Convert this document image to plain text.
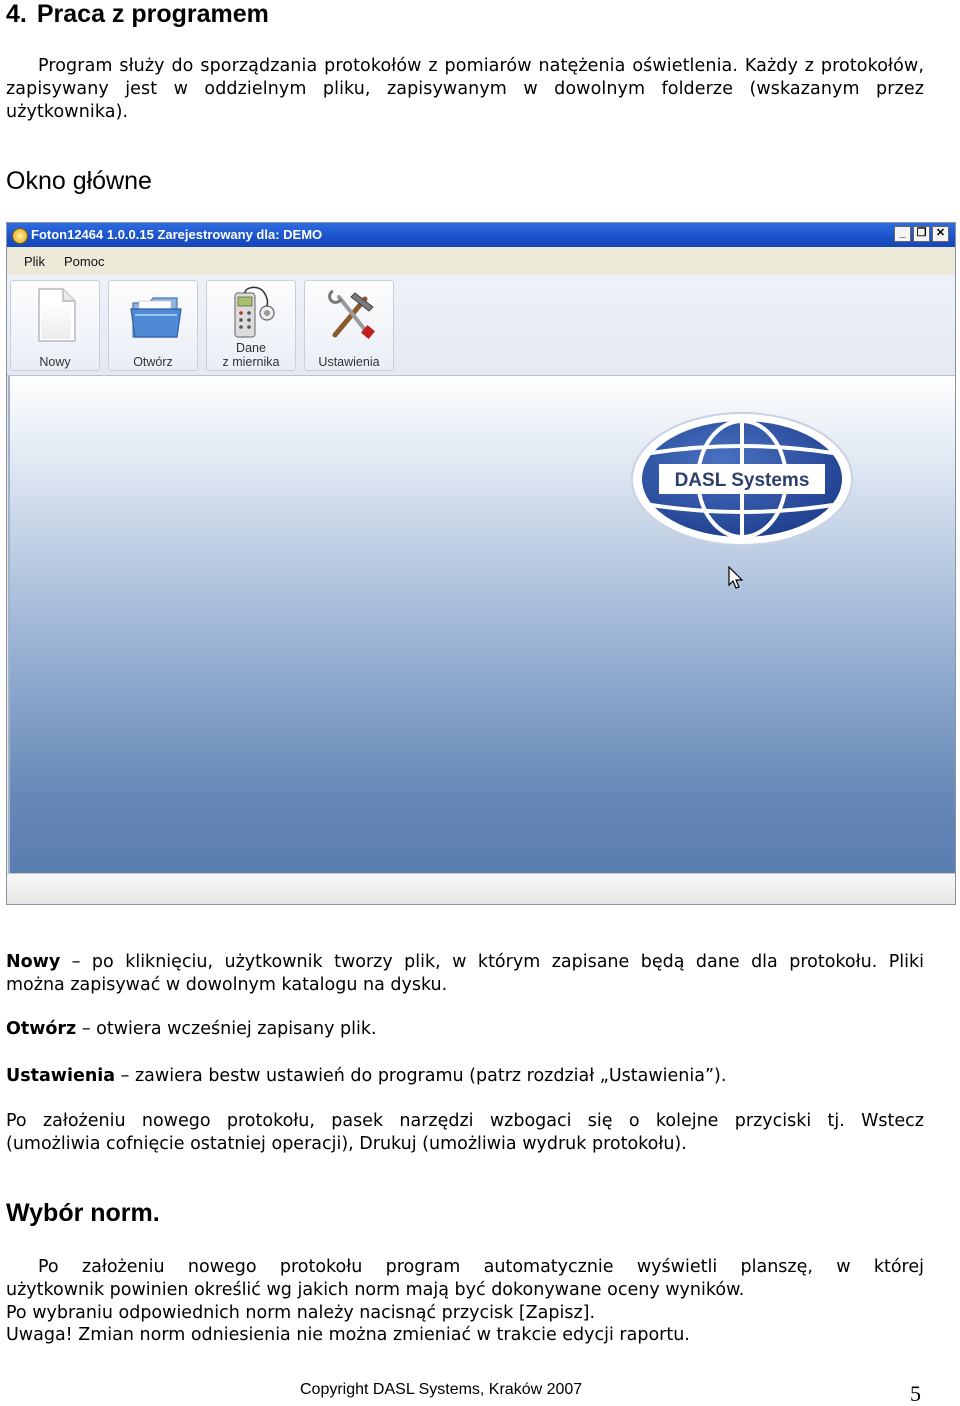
4. Praca z programem
Program służy do sporządzania protokołów z pomiarów natężenia oświetlenia. Każdy z protokołów, zapisywany jest w oddzielnym pliku, zapisywanym w dowolnym folderze (wskazanym przez użytkownika).
Okno główne
Foton12464 1.0.0.15 Zarejestrowany dla: DEMO	_	❐ ✕
Plik Pomoc
Nowy	Otwórz
Dane
z miernika	Ustawienia
DASL Systems
Nowy – po kliknięciu, użytkownik tworzy plik, w którym zapisane będą dane dla protokołu. Pliki
można zapisywać w dowolnym katalogu na dysku.
Otwórz – otwiera wcześniej zapisany plik.
Ustawienia – zawiera bestw ustawień do programu (patrz rozdział „Ustawienia”).
Po założeniu nowego protokołu, pasek narzędzi wzbogaci się o kolejne przyciski tj. Wstecz
(umożliwia cofnięcie ostatniej operacji), Drukuj (umożliwia wydruk protokołu).
Wybór norm.
Po założeniu nowego protokołu program automatycznie wyświetli planszę, w której
użytkownik powinien określić wg jakich norm mają być dokonywane oceny wyników.
Po wybraniu odpowiednich norm należy nacisnąć przycisk [Zapisz].
Uwaga! Zmian norm odniesienia nie można zmieniać w trakcie edycji raportu.
Copyright DASL Systems, Kraków 2007	5
